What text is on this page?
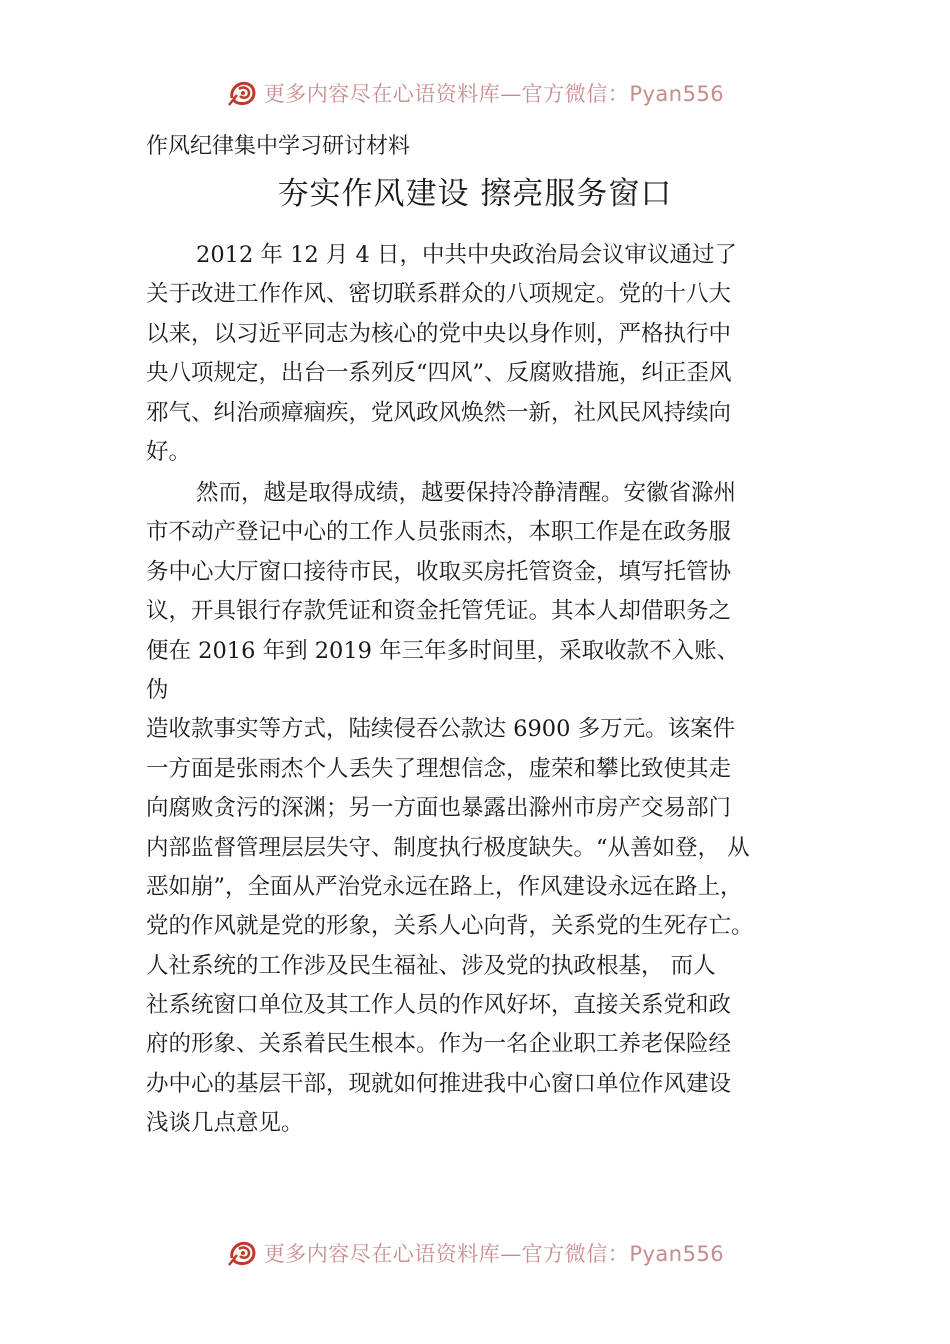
更多内容尽在心语资料库—官方微信：Pyan556
作风纪律集中学习研讨材料
夯实作风建设 擦亮服务窗口
2012 年 12 月 4 日，中共中央政治局会议审议通过了
关于改进工作作风、密切联系群众的八项规定。党的十八大
以来，以习近平同志为核心的党中央以身作则，严格执行中
央八项规定，出台一系列反“四风”、反腐败措施，纠正歪风
邪气、纠治顽瘴痼疾，党风政风焕然一新，社风民风持续向
好。
然而，越是取得成绩，越要保持冷静清醒。安徽省滁州
市不动产登记中心的工作人员张雨杰，本职工作是在政务服
务中心大厅窗口接待市民，收取买房托管资金，填写托管协
议，开具银行存款凭证和资金托管凭证。其本人却借职务之
便在 2016 年到 2019 年三年多时间里，采取收款不入账、
伪
造收款事实等方式，陆续侵吞公款达 6900 多万元。该案件
一方面是张雨杰个人丢失了理想信念，虚荣和攀比致使其走
向腐败贪污的深渊；另一方面也暴露出滁州市房产交易部门
内部监督管理层层失守、制度执行极度缺失。“从善如登， 从
恶如崩”，全面从严治党永远在路上，作风建设永远在路上，
党的作风就是党的形象，关系人心向背，关系党的生死存亡。
人社系统的工作涉及民生福祉、涉及党的执政根基， 而人
社系统窗口单位及其工作人员的作风好坏，直接关系党和政
府的形象、关系着民生根本。作为一名企业职工养老保险经
办中心的基层干部，现就如何推进我中心窗口单位作风建设
浅谈几点意见。
更多内容尽在心语资料库—官方微信：Pyan556
